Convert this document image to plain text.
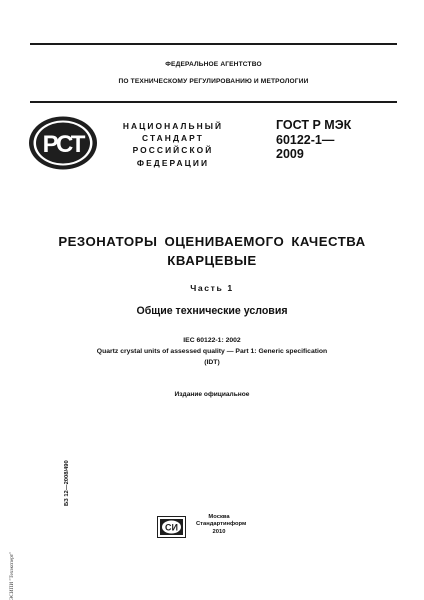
ФЕДЕРАЛЬНОЕ АГЕНТСТВО
ПО ТЕХНИЧЕСКОМУ РЕГУЛИРОВАНИЮ И МЕТРОЛОГИИ
РСТ
НАЦИОНАЛЬНЫЙ
СТАНДАРТ
РОССИЙСКОЙ
ФЕДЕРАЦИИ
ГОСТ Р МЭК
60122-1—
2009
РЕЗОНАТОРЫ ОЦЕНИВАЕМОГО КАЧЕСТВА
КВАРЦЕВЫЕ
Часть 1
Общие технические условия
IEC 60122-1: 2002
Quartz crystal units of assessed quality — Part 1: Generic specification
(IDT)
Издание официальное
БЗ 12—2008/490
ЭСИПИ "Техэксперт"
СИ
Москва
Стандартинформ
2010
